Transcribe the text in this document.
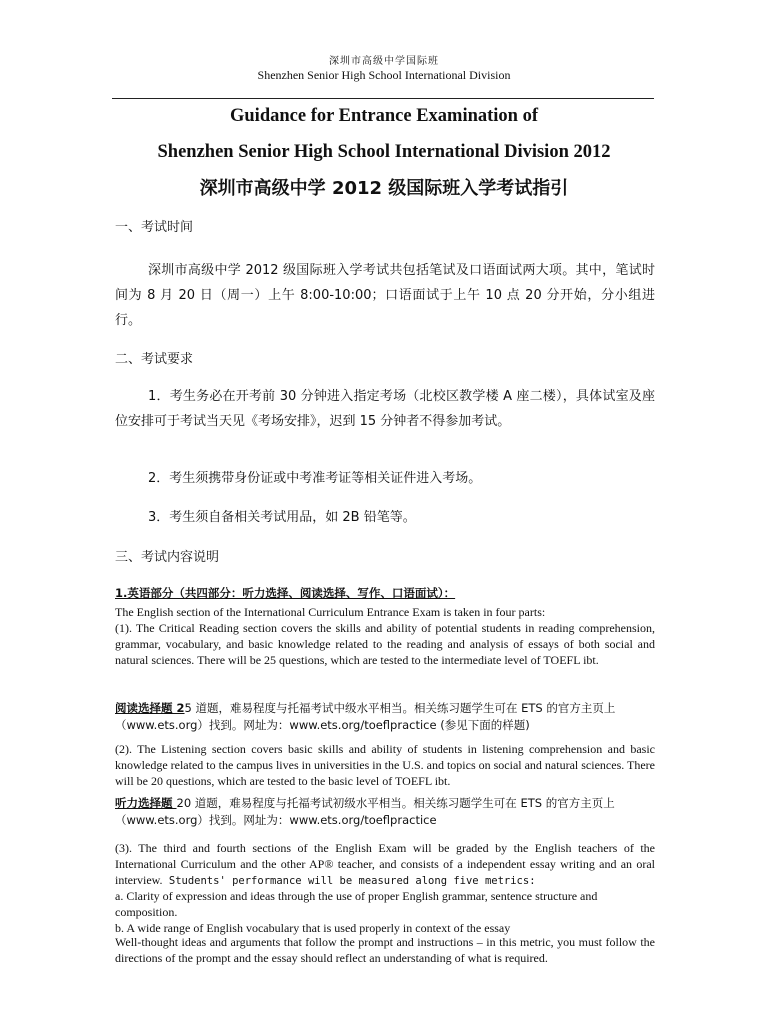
深圳市高级中学国际班
Shenzhen Senior High School International Division
Guidance for Entrance Examination of
Shenzhen Senior High School International Division 2012
深圳市高级中学 2012 级国际班入学考试指引
一、考试时间
深圳市高级中学 2012 级国际班入学考试共包括笔试及口语面试两大项。其中，笔试时间为 8 月 20 日（周一）上午 8:00-10:00；口语面试于上午 10 点 20 分开始，分小组进行。
二、考试要求
1．考生务必在开考前 30 分钟进入指定考场（北校区教学楼 A 座二楼），具体试室及座位安排可于考试当天见《考场安排》，迟到 15 分钟者不得参加考试。
2．考生须携带身份证或中考准考证等相关证件进入考场。
3．考生须自备相关考试用品，如 2B 铅笔等。
三、考试内容说明
1.英语部分（共四部分：听力选择、阅读选择、写作、口语面试）：
The English section of the International Curriculum Entrance Exam is taken in four parts:
(1). The Critical Reading section covers the skills and ability of potential students in reading comprehension, grammar, vocabulary, and basic knowledge related to the reading and analysis of essays of both social and natural sciences. There will be 25 questions, which are tested to the intermediate level of TOEFL ibt.
阅读选择题 25 道题，难易程度与托福考试中级水平相当。相关练习题学生可在 ETS 的官方主页上（www.ets.org）找到。网址为：www.ets.org/toeflpractice (参见下面的样题)
(2). The Listening section covers basic skills and ability of students in listening comprehension and basic knowledge related to the campus lives in universities in the U.S. and topics on social and natural sciences. There will be 20 questions, which are tested to the basic level of TOEFL ibt.
听力选择题 20 道题，难易程度与托福考试初级水平相当。相关练习题学生可在 ETS 的官方主页上（www.ets.org）找到。网址为：www.ets.org/toeflpractice
(3). The third and fourth sections of the English Exam will be graded by the English teachers of the International Curriculum and the other AP® teacher, and consists of a independent essay writing and an oral interview. Students' performance will be measured along five metrics:
a. Clarity of expression and ideas through the use of proper English grammar, sentence structure and composition.
b. A wide range of English vocabulary that is used properly in context of the essay
Well-thought ideas and arguments that follow the prompt and instructions – in this metric, you must follow the directions of the prompt and the essay should reflect an understanding of what is required.
